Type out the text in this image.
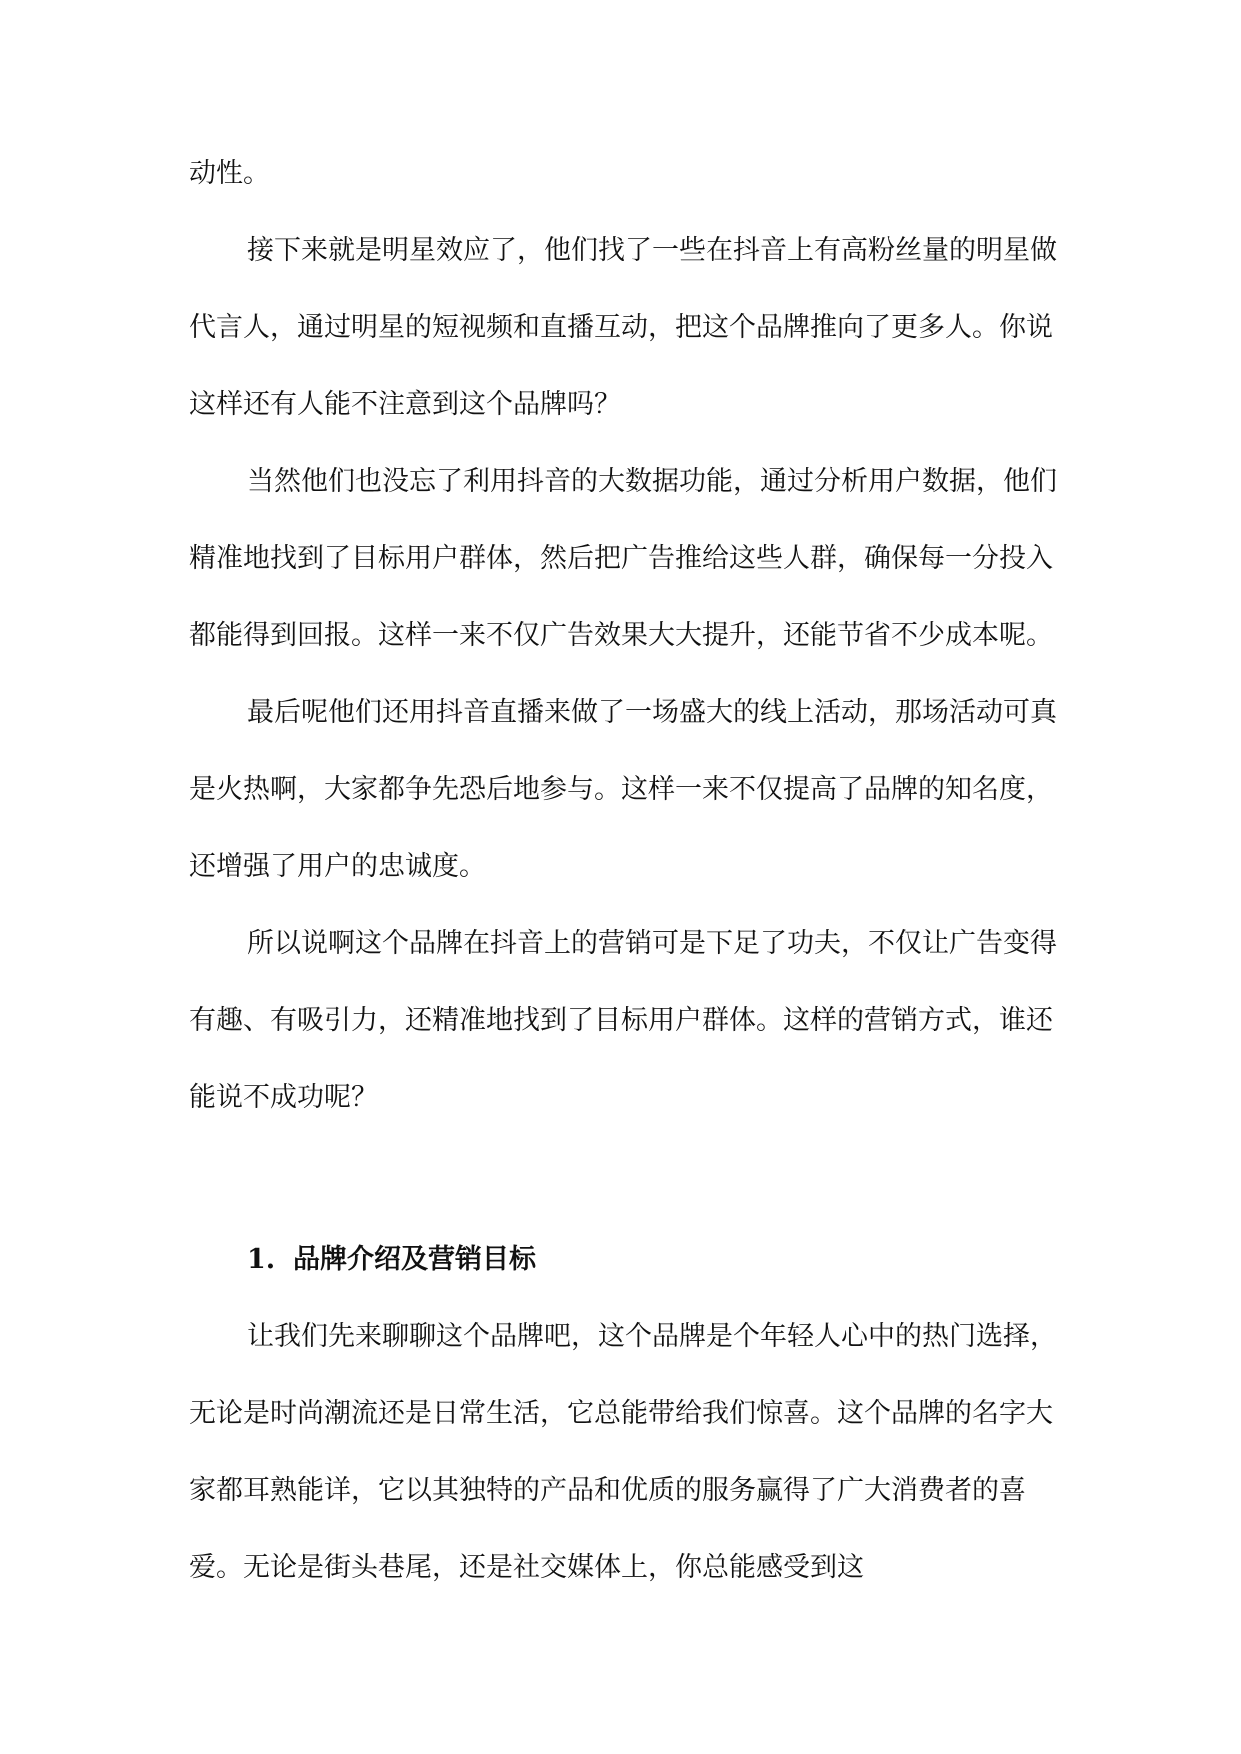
动性。

接下来就是明星效应了，他们找了一些在抖音上有高粉丝量的明星做代言人，通过明星的短视频和直播互动，把这个品牌推向了更多人。你说这样还有人能不注意到这个品牌吗？

当然他们也没忘了利用抖音的大数据功能，通过分析用户数据，他们精准地找到了目标用户群体，然后把广告推给这些人群，确保每一分投入都能得到回报。这样一来不仅广告效果大大提升，还能节省不少成本呢。

最后呢他们还用抖音直播来做了一场盛大的线上活动，那场活动可真是火热啊，大家都争先恐后地参与。这样一来不仅提高了品牌的知名度，还增强了用户的忠诚度。

所以说啊这个品牌在抖音上的营销可是下足了功夫，不仅让广告变得有趣、有吸引力，还精准地找到了目标用户群体。这样的营销方式，谁还能说不成功呢？

1. 品牌介绍及营销目标

让我们先来聊聊这个品牌吧，这个品牌是个年轻人心中的热门选择，无论是时尚潮流还是日常生活，它总能带给我们惊喜。这个品牌的名字大家都耳熟能详，它以其独特的产品和优质的服务赢得了广大消费者的喜爱。无论是街头巷尾，还是社交媒体上，你总能感受到这
